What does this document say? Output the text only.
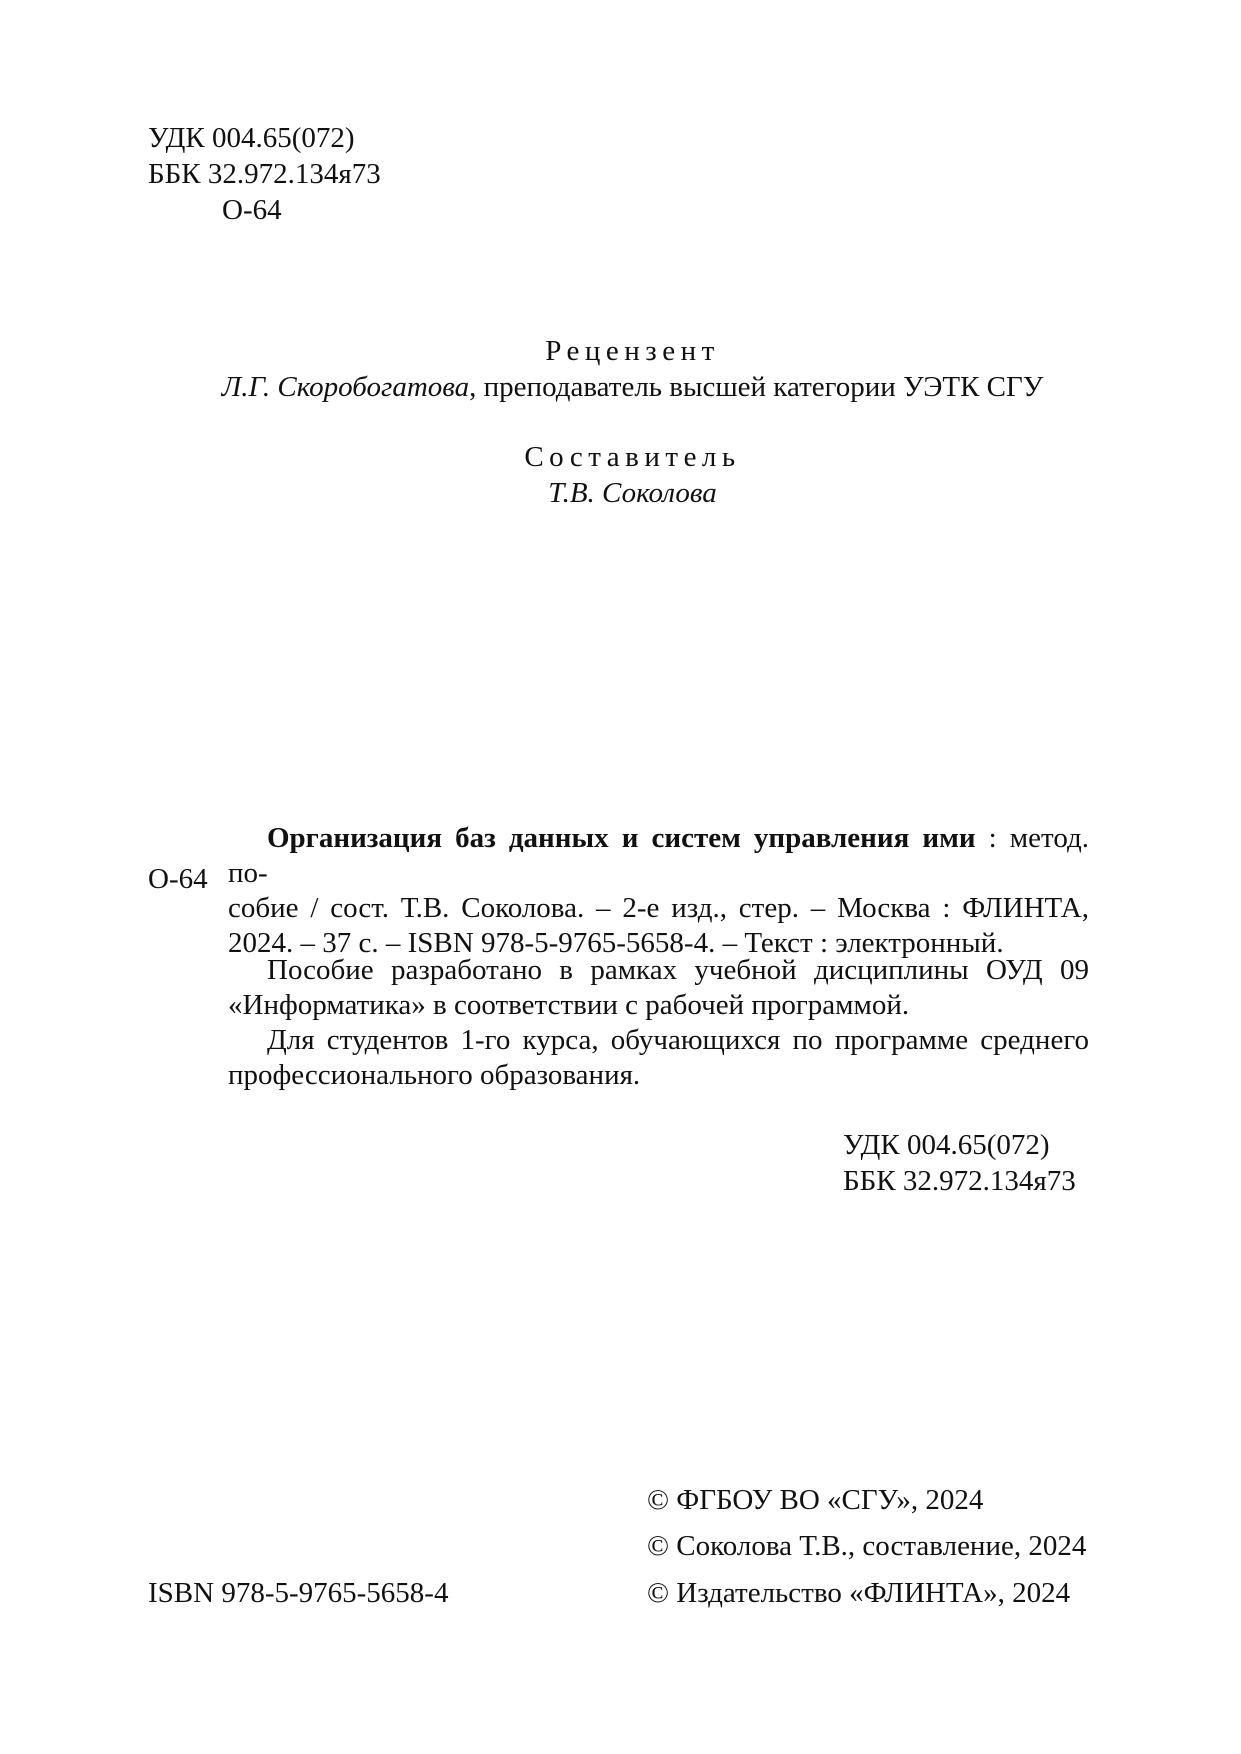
УДК 004.65(072)
ББК 32.972.134я73
О-64
Рецензент
Л.Г. Скоробогатова, преподаватель высшей категории УЭТК СГУ
Составитель
Т.В. Соколова
О-64

Организация баз данных и систем управления ими : метод. по-

собие / сост. Т.В. Соколова. – 2-е изд., стер. – Москва : ФЛИНТА,

2024. – 37 с. – ISBN 978-5-9765-5658-4. – Текст : электронный.

Пособие разработано в рамках учебной дисциплины ОУД 09 «Информатика» в соответствии с рабочей программой.

Для студентов 1-го курса, обучающихся по программе среднего профессионального образования.

УДК 004.65(072)
ББК 32.972.134я73
ISBN 978-5-9765-5658-4
© ФГБОУ ВО «СГУ», 2024
© Соколова Т.В., составление, 2024
© Издательство «ФЛИНТА», 2024
